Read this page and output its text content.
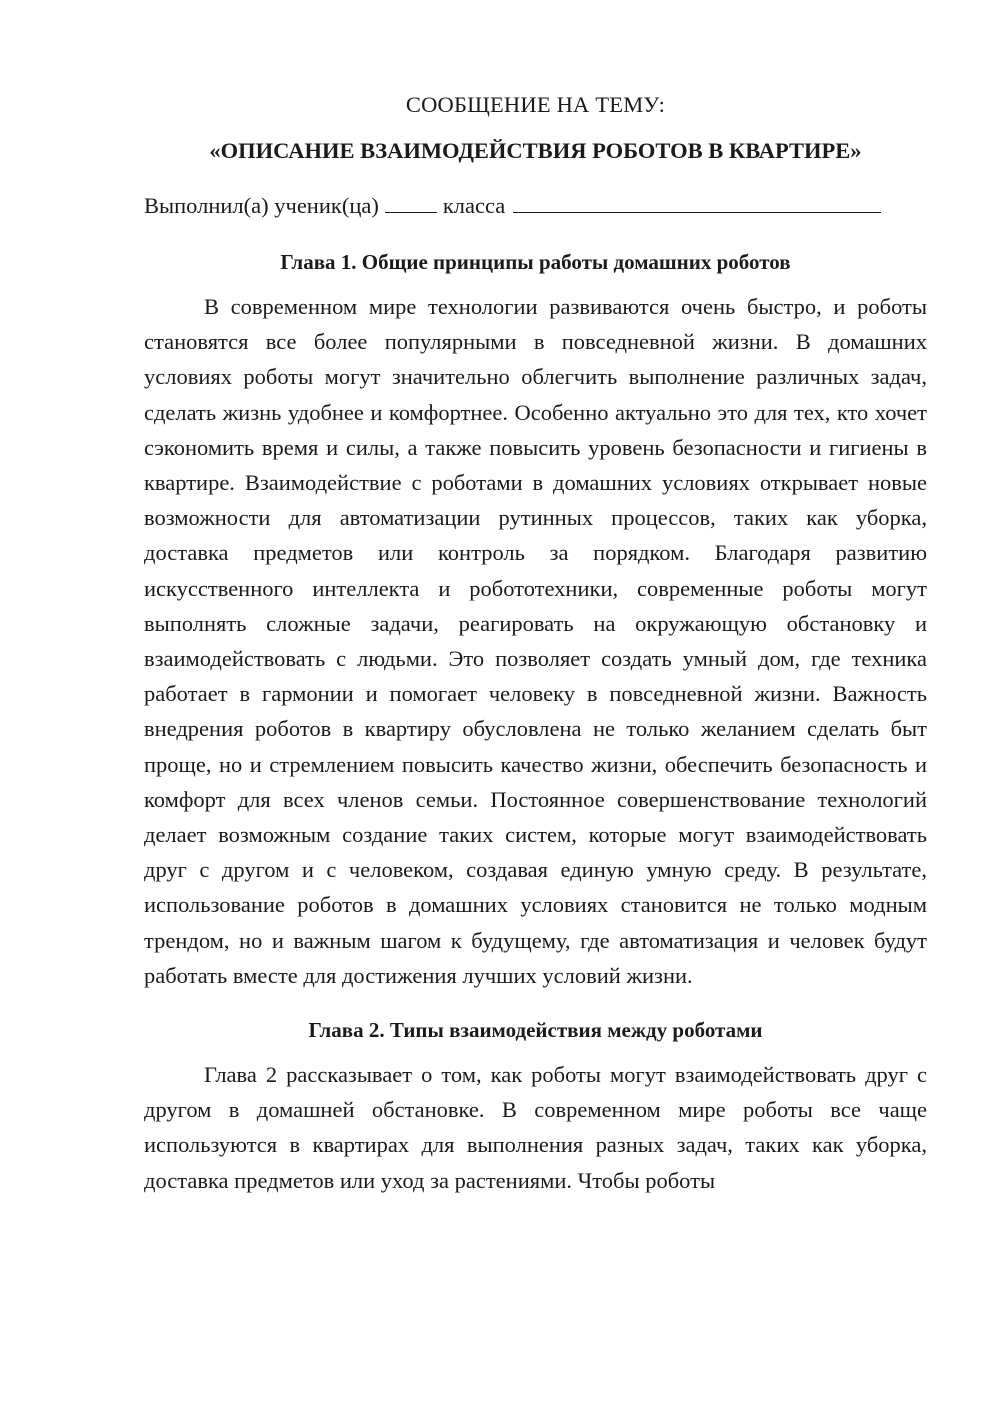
СООБЩЕНИЕ НА ТЕМУ:

«ОПИСАНИЕ ВЗАИМОДЕЙСТВИЯ РОБОТОВ В КВАРТИРЕ»

Выполнил(а) ученик(ца)	класса

Глава 1. Общие принципы работы домашних роботов

В современном мире технологии развиваются очень быстро, и роботы становятся все более популярными в повседневной жизни. В домашних условиях роботы могут значительно облегчить выполнение различных задач, сделать жизнь удобнее и комфортнее. Особенно актуально это для тех, кто хочет сэкономить время и силы, а также повысить уровень безопасности и гигиены в квартире. Взаимодействие с роботами в домашних условиях открывает новые возможности для автоматизации рутинных процессов, таких как уборка, доставка предметов или контроль за порядком. Благодаря развитию искусственного интеллекта и робототехники, современные роботы могут выполнять сложные задачи, реагировать на окружающую обстановку и взаимодействовать с людьми. Это позволяет создать умный дом, где техника работает в гармонии и помогает человеку в повседневной жизни. Важность внедрения роботов в квартиру обусловлена не только желанием сделать быт проще, но и стремлением повысить качество жизни, обеспечить безопасность и комфорт для всех членов семьи. Постоянное совершенствование технологий делает возможным создание таких систем, которые могут взаимодействовать друг с другом и с человеком, создавая единую умную среду. В результате, использование роботов в домашних условиях становится не только модным трендом, но и важным шагом к будущему, где автоматизация и человек будут работать вместе для достижения лучших условий жизни.

Глава 2. Типы взаимодействия между роботами

Глава 2 рассказывает о том, как роботы могут взаимодействовать друг с другом в домашней обстановке. В современном мире роботы все чаще используются в квартирах для выполнения разных задач, таких как уборка, доставка предметов или уход за растениями. Чтобы роботы
